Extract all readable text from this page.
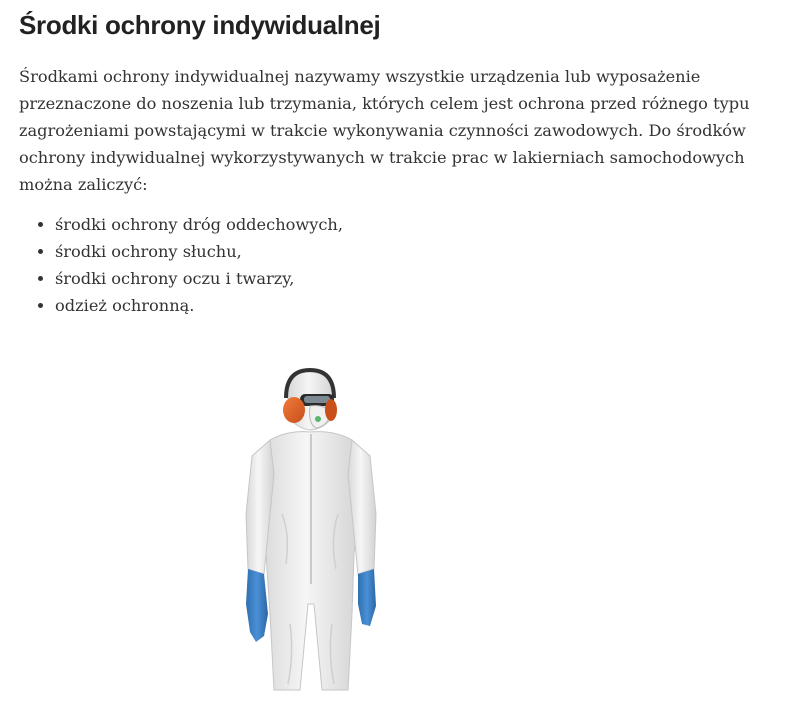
Środki ochrony indywidualnej

Środkami ochrony indywidualnej nazywamy wszystkie urządzenia lub wyposażenie przeznaczone do noszenia lub trzymania, których celem jest ochrona przed różnego typu zagrożeniami powstającymi w trakcie wykonywania czynności zawodowych. Do środków ochrony indywidualnej wykorzystywanych w trakcie prac w lakierniach samochodowych można zaliczyć:

• środki ochrony dróg oddechowych,
• środki ochrony słuchu,
• środki ochrony oczu i twarzy,
• odzież ochronną.
